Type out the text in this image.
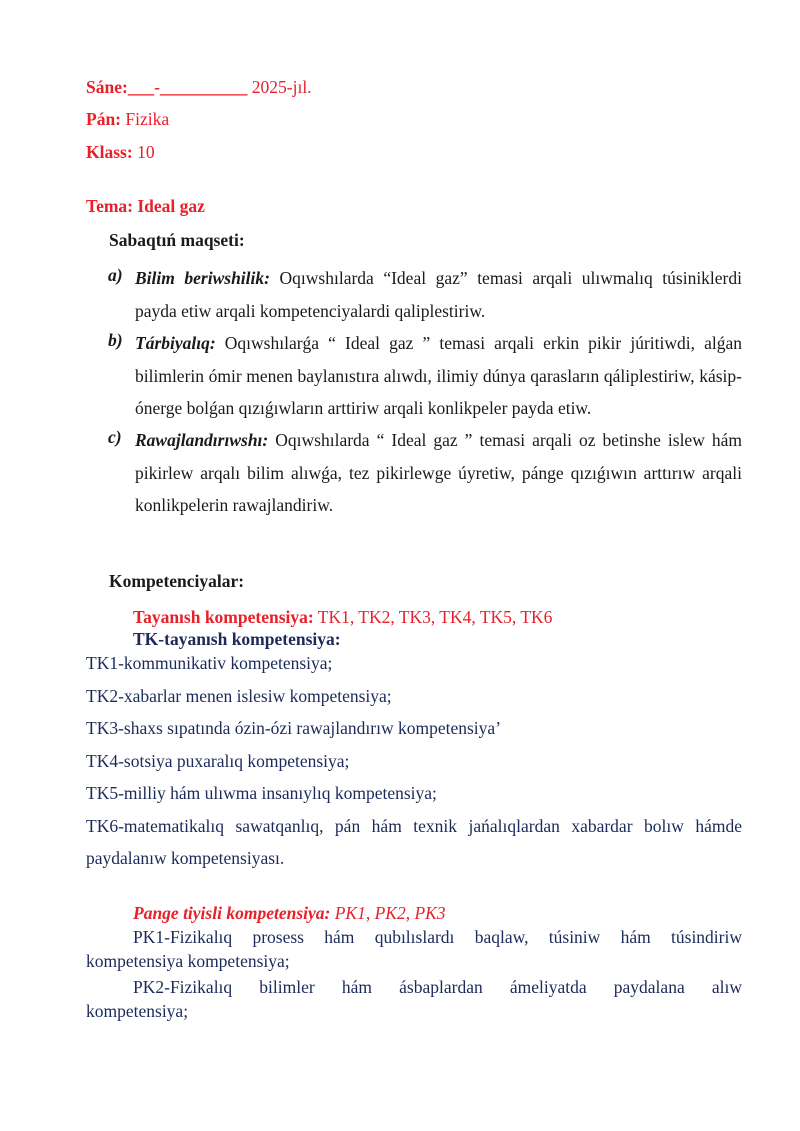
Sáne:___-__________ 2025-jıl.
Pán: Fizika
Klass: 10
Tema: Ideal gaz
Sabaqtıń maqseti:
a) Bilim beriwshilik: Oqıwshılarda “Ideal gaz” temasi arqali ulıwmalıq túsiniklerdi payda etiw arqali kompetenciyalardi qaliplestiriw.

b) Tárbiyalıq: Oqıwshılarǵa “ Ideal gaz ” temasi arqali erkin pikir júritiwdi, alǵan bilimlerin ómir menen baylanıstıra alıwdı, ilimiy dúnya qarasların qáliplestiriw, kásip-ónerge bolǵan qızıǵıwların arttiriw arqali konlikpeler payda etiw.

c) Rawajlandırıwshı: Oqıwshılarda “ Ideal gaz ” temasi arqali oz betinshe islew hám pikirlew arqalı bilim alıwǵa, tez pikirlewge úyretiw, pánge qızıǵıwın arttırıw arqali konlikpelerin rawajlandiriw.

Kompetenciyalar:
Tayanısh kompetensiya: TK1, TK2, TK3, TK4, TK5, TK6
TK-tayanısh kompetensiya:
TK1-kommunikativ kompetensiya;
TK2-xabarlar menen islesiw kompetensiya;
TK3-shaxs sıpatında ózin-ózi rawajlandırıw kompetensiya’
TK4-sotsiya puxaralıq kompetensiya;
TK5-milliy hám ulıwma insanıylıq kompetensiya;
TK6-matematikalıq sawatqanlıq, pán hám texnik jańalıqlardan xabardar bolıw hámde
paydalanıw kompetensiyası.
Pange tiyisli kompetensiya: PK1, PK2, PK3
PK1-Fizikalıq prosess hám qubılıslardı baqlaw, túsiniw hám túsindiriw
kompetensiya kompetensiya;
PK2-Fizikalıq bilimler hám ásbaplardan ámeliyatda paydalana alıw
kompetensiya;
